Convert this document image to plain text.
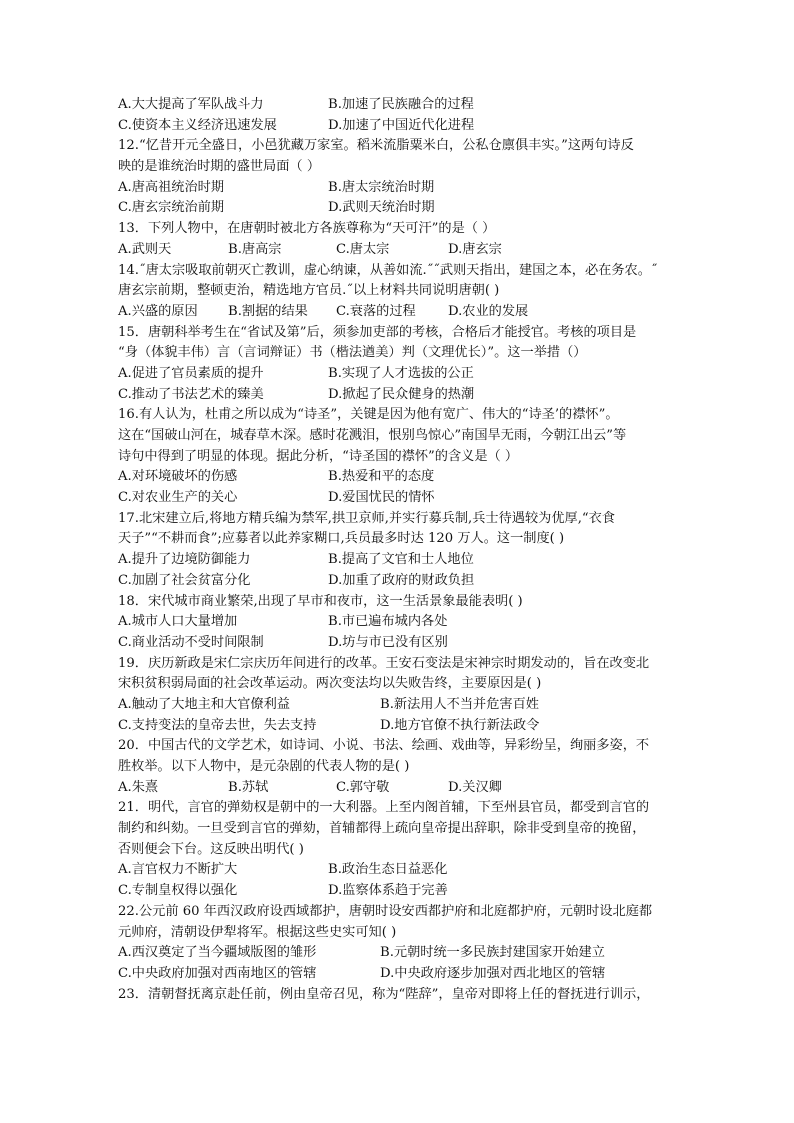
A.大大提高了军队战斗力	B.加速了民族融合的过程
C.使资本主义经济迅速发展	D.加速了中国近代化进程
12.“忆昔开元全盛日，小邑犹藏万家室。稻米流脂粟米白，公私仓廪俱丰实。”这两句诗反
映的是谁统治时期的盛世局面（ ）
A.唐高祖统治时期	B.唐太宗统治时期
C.唐玄宗统治前期	D.武则天统治时期
13．下列人物中，在唐朝时被北方各族尊称为“天可汗”的是（ ）
A.武则天	B.唐高宗	C.唐太宗	D.唐玄宗
14.˝唐太宗吸取前朝灭亡教训，虚心纳谏，从善如流.˝˝武则天指出，建国之本，必在务农。˝
唐玄宗前期，整顿吏治，精选地方官员.˝以上材料共同说明唐朝( )
A.兴盛的原因 B.割据的结果 C.衰落的过程 D.农业的发展
15．唐朝科举考生在“省试及第”后，须参加吏部的考核，合格后才能授官。考核的项目是
“身（体貌丰伟）言（言词辩证）书（楷法遒美）判（文理优长）”。这一举措（）
A.促进了官员素质的提升	B.实现了人才选拔的公正
C.推动了书法艺术的臻美	D.掀起了民众健身的热潮
16.有人认为，杜甫之所以成为“诗圣”，关键是因为他有宽广、伟大的“诗圣’的襟怀”。
这在“国破山河在，城春草木深。感时花溅泪，恨别鸟惊心”南国旱无雨，今朝江出云”等
诗句中得到了明显的体现。据此分析，“诗圣国的襟怀”的含义是（ ）
A.对环境破坏的伤感	B.热爱和平的态度
C.对农业生产的关心	D.爱国忧民的情怀
17.北宋建立后,将地方精兵编为禁军,拱卫京师,并实行募兵制,兵士待遇较为优厚,“衣食
天子”“不耕而食”;应募者以此养家糊口,兵员最多时达 120 万人。这一制度( )
A.提升了边境防御能力	B.提高了文官和士人地位
C.加剧了社会贫富分化	D.加重了政府的财政负担
18．宋代城市商业繁荣,出现了早市和夜市，这一生活景象最能表明( )
A.城市人口大量增加	B.市已遍布城内各处
C.商业活动不受时间限制	D.坊与市已没有区别
19．庆历新政是宋仁宗庆历年间进行的改革。王安石变法是宋神宗时期发动的，旨在改变北
宋积贫积弱局面的社会改革运动。两次变法均以失败告终，主要原因是( )
A.触动了大地主和大官僚利益	B.新法用人不当并危害百姓
C.支持变法的皇帝去世，失去支持	D.地方官僚不执行新法政令
20．中国古代的文学艺术，如诗词、小说、书法、绘画、戏曲等，异彩纷呈，绚丽多姿，不
胜枚举。以下人物中，是元杂剧的代表人物的是( )
A.朱熹	B.苏轼	C.郭守敬	D.关汉卿
21．明代，言官的弹劾权是朝中的一大利器。上至内阁首辅，下至州县官员，都受到言官的
制约和纠劾。一旦受到言官的弹劾，首辅都得上疏向皇帝提出辞职，除非受到皇帝的挽留，
否则便会下台。这反映出明代( )
A.言官权力不断扩大	B.政治生态日益恶化
C.专制皇权得以强化	D.监察体系趋于完善
22.公元前 60 年西汉政府设西域都护，唐朝时设安西都护府和北庭都护府，元朝时设北庭都
元帅府，清朝设伊犁将军。根据这些史实可知( )
A.西汉奠定了当今疆域版图的雏形	B.元朝时统一多民族封建国家开始建立
C.中央政府加强对西南地区的管辖	D.中央政府逐步加强对西北地区的管辖
23．清朝督抚离京赴任前，例由皇帝召见，称为“陛辞”，皇帝对即将上任的督抚进行训示，
